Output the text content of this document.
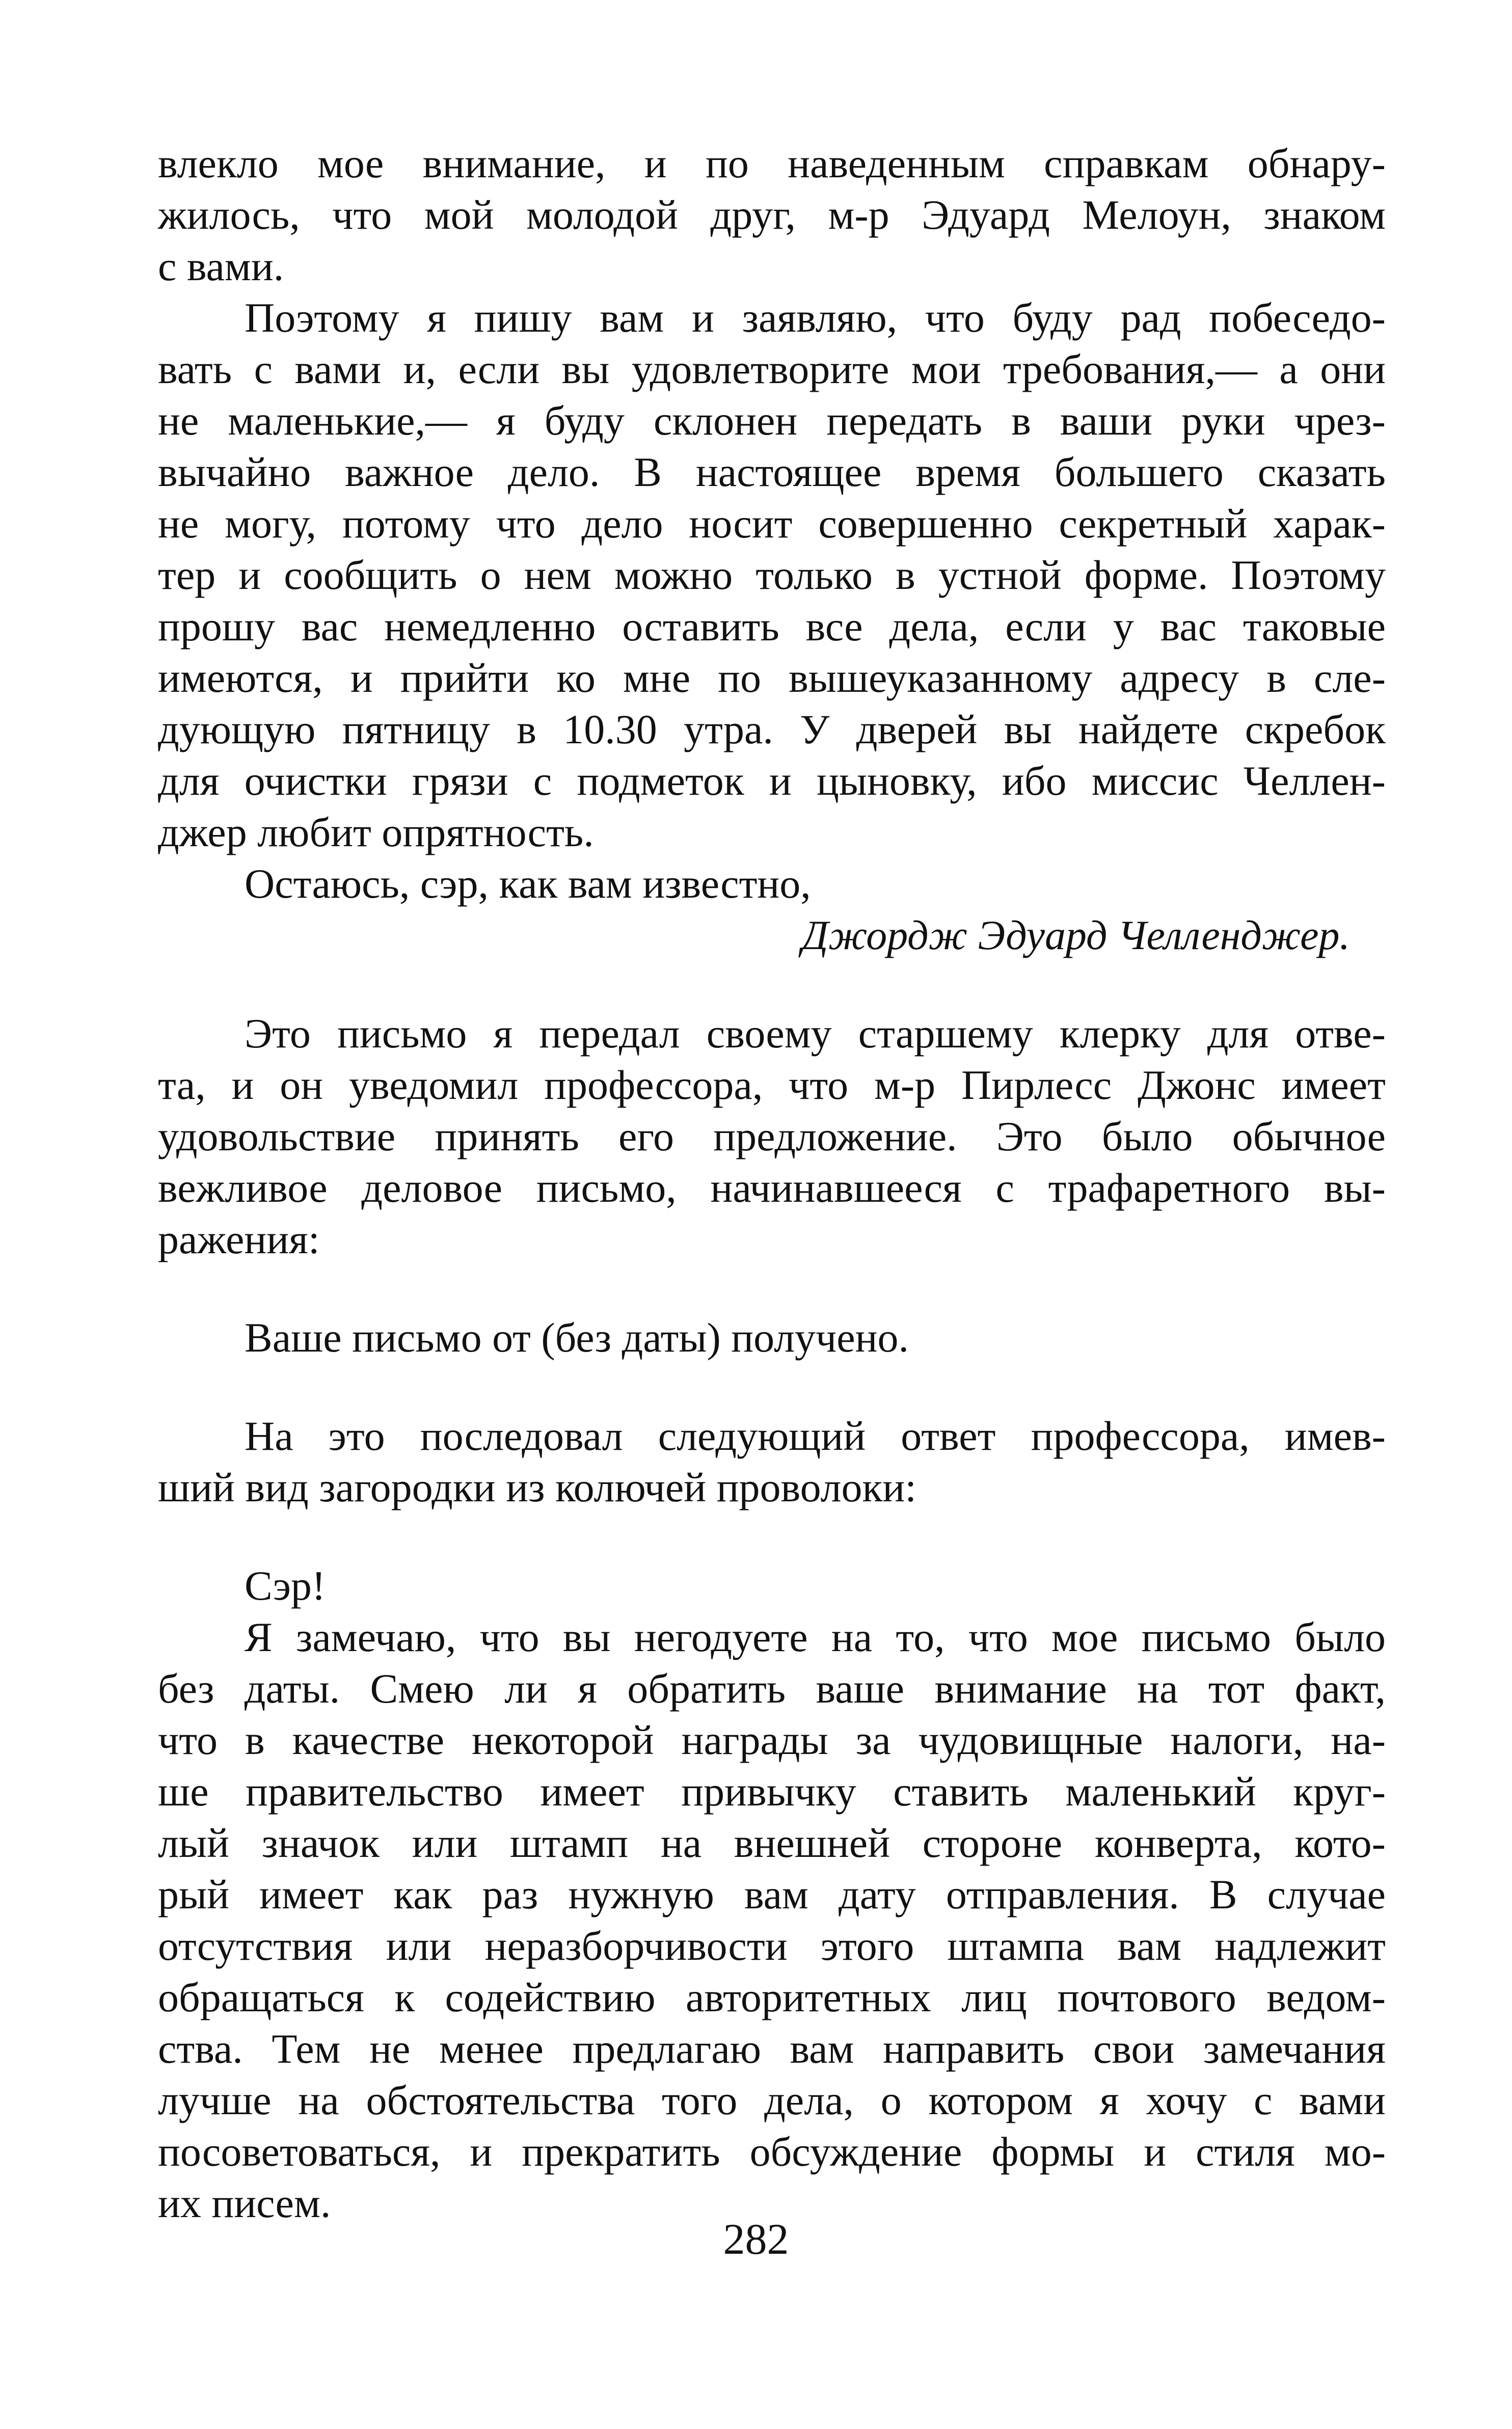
влекло мое внимание, и по наведенным справкам обнару-
жилось, что мой молодой друг, м-р Эдуард Мелоун, знаком
с вами.
Поэтому я пишу вам и заявляю, что буду рад побеседо-
вать с вами и, если вы удовлетворите мои требования,— а они
не маленькие,— я буду склонен передать в ваши руки чрез-
вычайно важное дело. В настоящее время большего сказать
не могу, потому что дело носит совершенно секретный харак-
тер и сообщить о нем можно только в устной форме. Поэтому
прошу вас немедленно оставить все дела, если у вас таковые
имеются, и прийти ко мне по вышеуказанному адресу в сле-
дующую пятницу в 10.30 утра. У дверей вы найдете скребок
для очистки грязи с подметок и цыновку, ибо миссис Челлен-
джер любит опрятность.
Остаюсь, сэр, как вам известно,
Джордж Эдуард Челленджер.
Это письмо я передал своему старшему клерку для отве-
та, и он уведомил профессора, что м-р Пирлесс Джонс имеет
удовольствие принять его предложение. Это было обычное
вежливое деловое письмо, начинавшееся с трафаретного вы-
ражения:
Ваше письмо от (без даты) получено.
На это последовал следующий ответ профессора, имев-
ший вид загородки из колючей проволоки:
Сэр!
Я замечаю, что вы негодуете на то, что мое письмо было
без даты. Смею ли я обратить ваше внимание на тот факт,
что в качестве некоторой награды за чудовищные налоги, на-
ше правительство имеет привычку ставить маленький круг-
лый значок или штамп на внешней стороне конверта, кото-
рый имеет как раз нужную вам дату отправления. В случае
отсутствия или неразборчивости этого штампа вам надлежит
обращаться к содействию авторитетных лиц почтового ведом-
ства. Тем не менее предлагаю вам направить свои замечания
лучше на обстоятельства того дела, о котором я хочу с вами
посоветоваться, и прекратить обсуждение формы и стиля мо-
их писем.
282
